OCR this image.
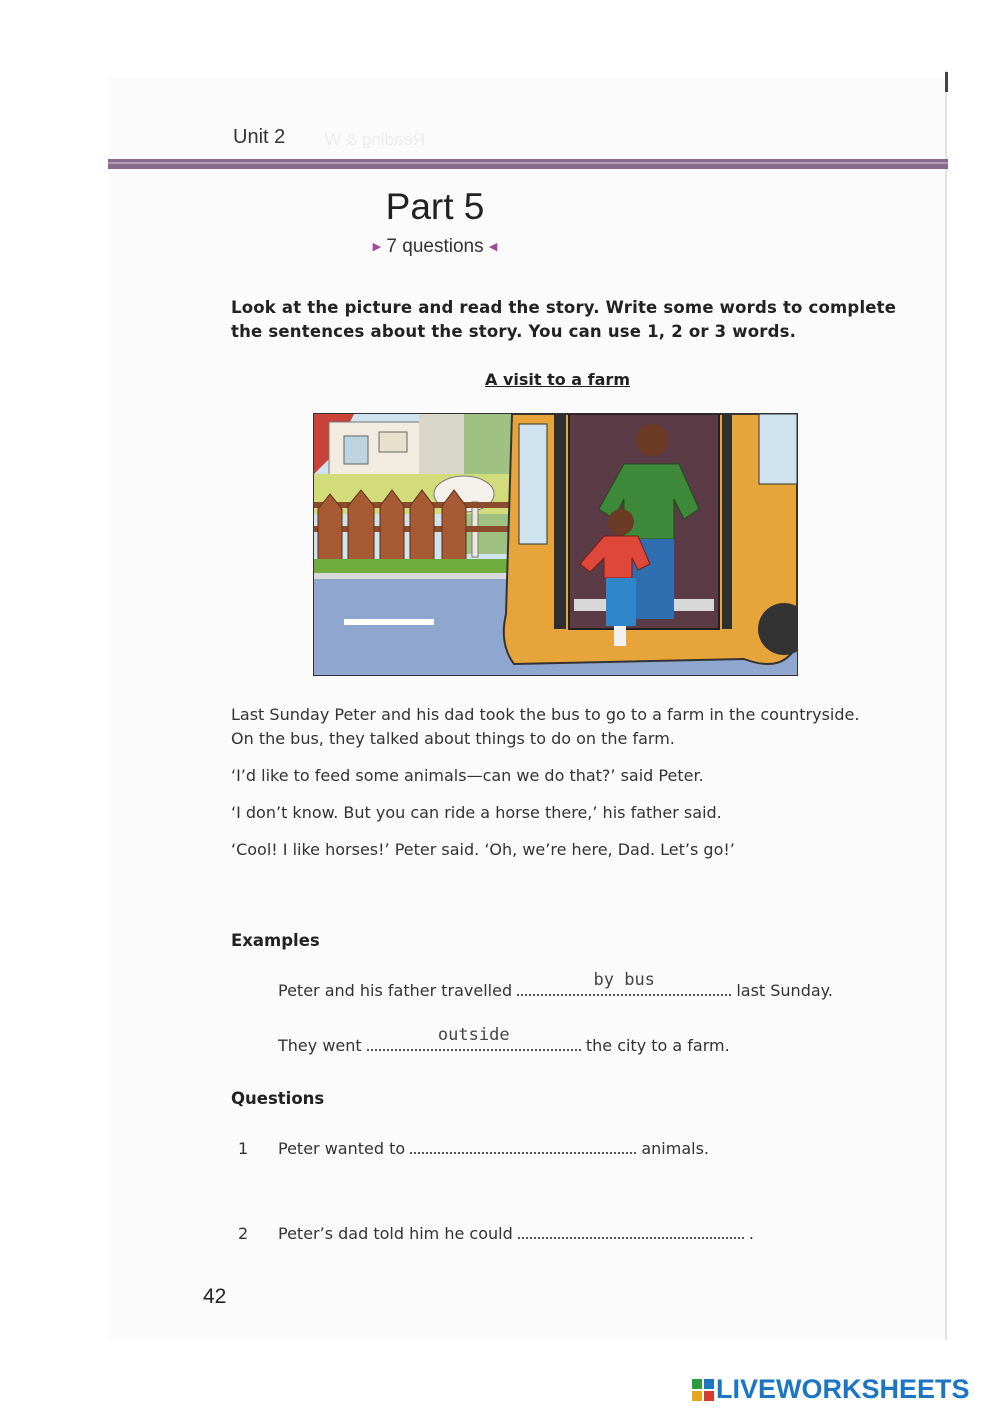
Unit 2 Reading & W
Part 5
▶ 7 questions ◀
Look at the picture and read the story. Write some words to complete the sentences about the story. You can use 1, 2 or 3 words.
A visit to a farm

Last Sunday Peter and his dad took the bus to go to a farm in the countryside.

On the bus, they talked about things to do on the farm.

‘I’d like to feed some animals—can we do that?’ said Peter.

‘I don’t know. But you can ride a horse there,’ his father said.

‘Cool! I like horses!’ Peter said. ‘Oh, we’re here, Dad. Let’s go!’

Examples
Peter and his father travelled
by bus
last Sunday.
They went
outside
the city to a farm.
Questions
1 Peter wanted to	animals.
2 Peter’s dad told him he could	.
42
LIVEWORKSHEETS
